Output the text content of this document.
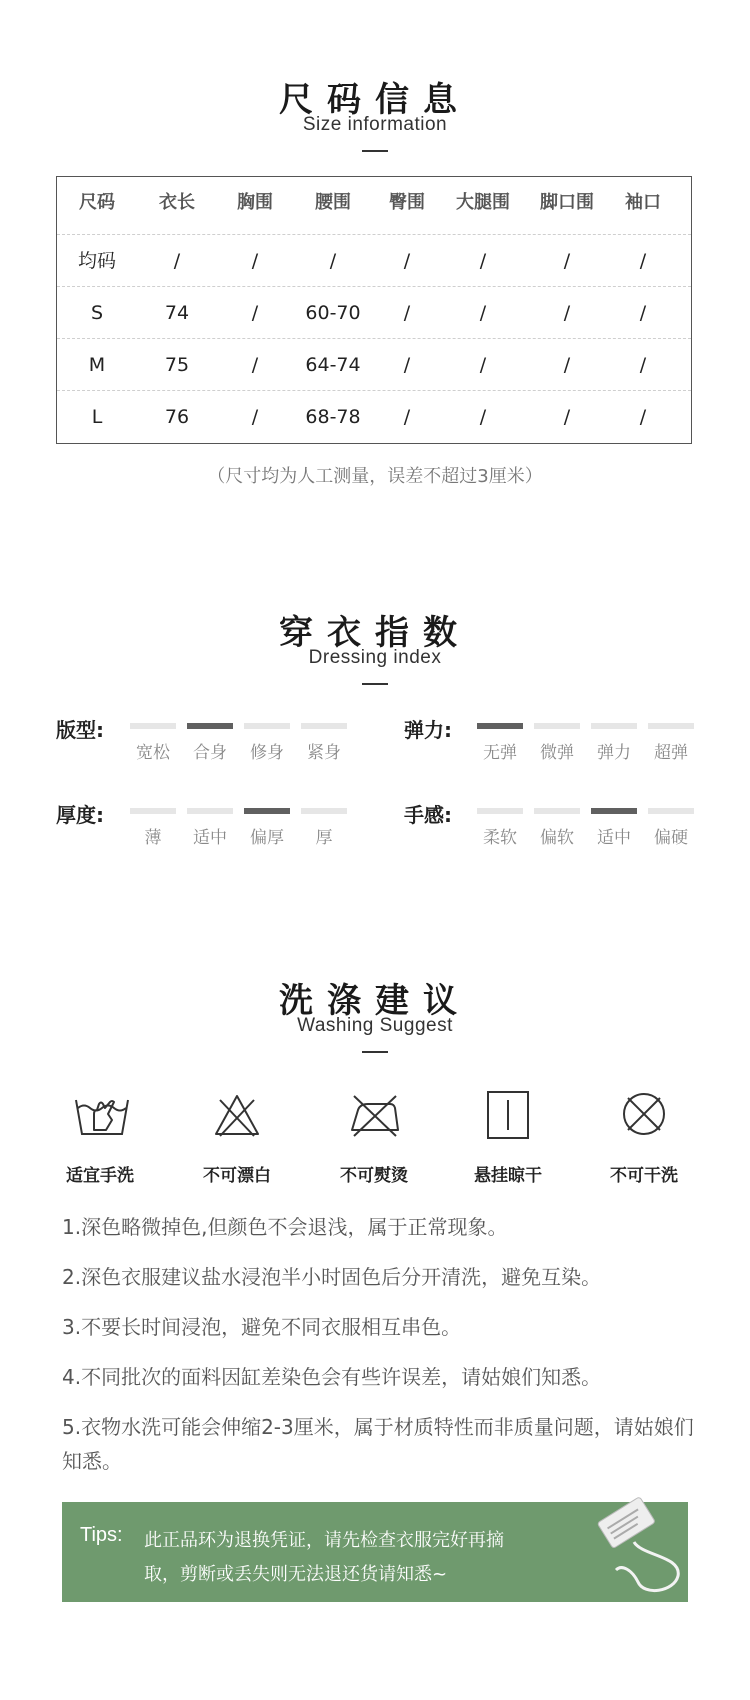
尺码信息
Size information
尺码 衣长 胸围 腰围 臀围 大腿围 脚口围 袖口
均码	/	/	/	/	/	/	/
S	74	/ 60-70 /	/	/	/
M	75	/ 64-74 /	/	/	/
L	76	/ 68-78 /	/	/	/
（尺寸均为人工测量，误差不超过3厘米）
穿衣指数
Dressing index
版型:
宽松	合身	修身	紧身
弹力:
无弹	微弹	弹力	超弹
厚度:
薄	适中	偏厚	厚
手感:
柔软	偏软	适中	偏硬
洗涤建议
Washing Suggest
适宜手洗	不可漂白	不可熨烫	悬挂晾干	不可干洗
1.深色略微掉色,但颜色不会退浅，属于正常现象。
2.深色衣服建议盐水浸泡半小时固色后分开清洗，避免互染。
3.不要长时间浸泡，避免不同衣服相互串色。
4.不同批次的面料因缸差染色会有些许误差，请姑娘们知悉。
5.衣物水洗可能会伸缩2-3厘米，属于材质特性而非质量问题，请姑娘们知悉。
Tips: 此正品环为退换凭证，请先检查衣服完好再摘
取，剪断或丢失则无法退还货请知悉~
